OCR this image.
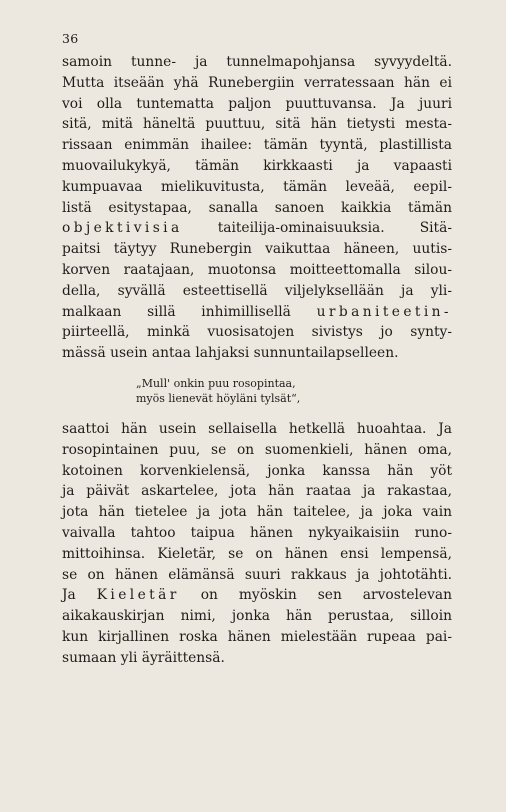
36
samoin tunne- ja tunnelmapohjansa syvyydeltä.
Mutta itseään yhä Runebergiin verratessaan hän ei
voi olla tuntematta paljon puuttuvansa. Ja juuri
sitä, mitä häneltä puuttuu, sitä hän tietysti mesta-
rissaan enimmän ihailee: tämän tyyntä, plastillista
muovailukykyä, tämän kirkkaasti ja vapaasti
kumpuavaa mielikuvitusta, tämän leveää, eepil-
listä esitystapaa, sanalla sanoen kaikkia tämän
objektivisia taiteilija-ominaisuuksia. Sitä-
paitsi täytyy Runebergin vaikuttaa häneen, uutis-
korven raatajaan, muotonsa moitteettomalla silou-
della, syvällä esteettisellä viljelyksellään ja yli-
malkaan sillä inhimillisellä urbaniteetin-
piirteellä, minkä vuosisatojen sivistys jo synty-
mässä usein antaa lahjaksi sunnuntailapselleen.
„Mull' onkin puu rosopintaa,
myös lienevät höyläni tylsät“,
saattoi hän usein sellaisella hetkellä huoahtaa. Ja
rosopintainen puu, se on suomenkieli, hänen oma,
kotoinen korvenkielensä, jonka kanssa hän yöt
ja päivät askartelee, jota hän raataa ja rakastaa,
jota hän tietelee ja jota hän taitelee, ja joka vain
vaivalla tahtoo taipua hänen nykyaikaisiin runo-
mittoihinsa. Kieletär, se on hänen ensi lempensä,
se on hänen elämänsä suuri rakkaus ja johtotähti.
Ja Kieletär on myöskin sen arvostelevan
aikakauskirjan nimi, jonka hän perustaa, silloin
kun kirjallinen roska hänen mielestään rupeaa pai-
sumaan yli äyräittensä.
